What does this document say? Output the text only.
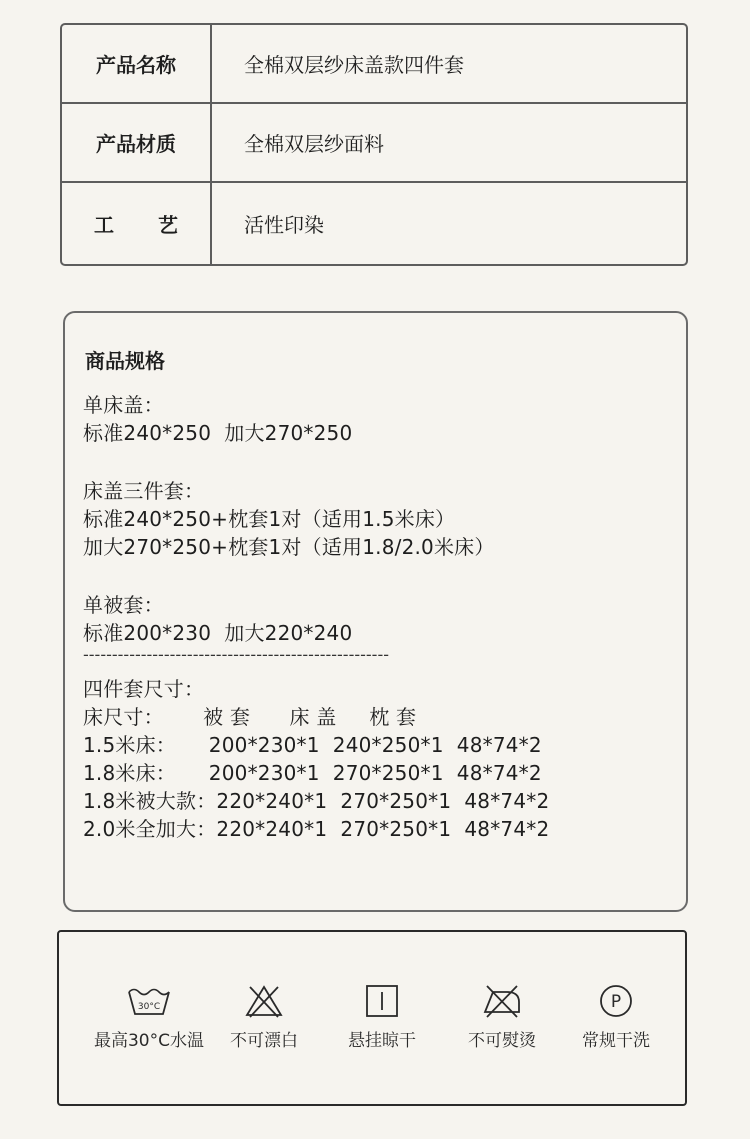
产品名称	全棉双层纱床盖款四件套
产品材质	全棉双层纱面料
工 艺	活性印染
商品规格
单床盖：
标准240*250  加大270*250
床盖三件套：
标准240*250+枕套1对（适用1.5米床）
加大270*250+枕套1对（适用1.8/2.0米床）
单被套：
标准200*230  加大220*240
-----------------------------------------------------
四件套尺寸：
床尺寸：      被 套      床 盖     枕 套
1.5米床：     200*230*1  240*250*1  48*74*2
1.8米床：     200*230*1  270*250*1  48*74*2
1.8米被大款：220*240*1  270*250*1  48*74*2
2.0米全加大：220*240*1  270*250*1  48*74*2
30°C
最高30°C水温	不可漂白	悬挂晾干	不可熨烫
P
常规干洗
